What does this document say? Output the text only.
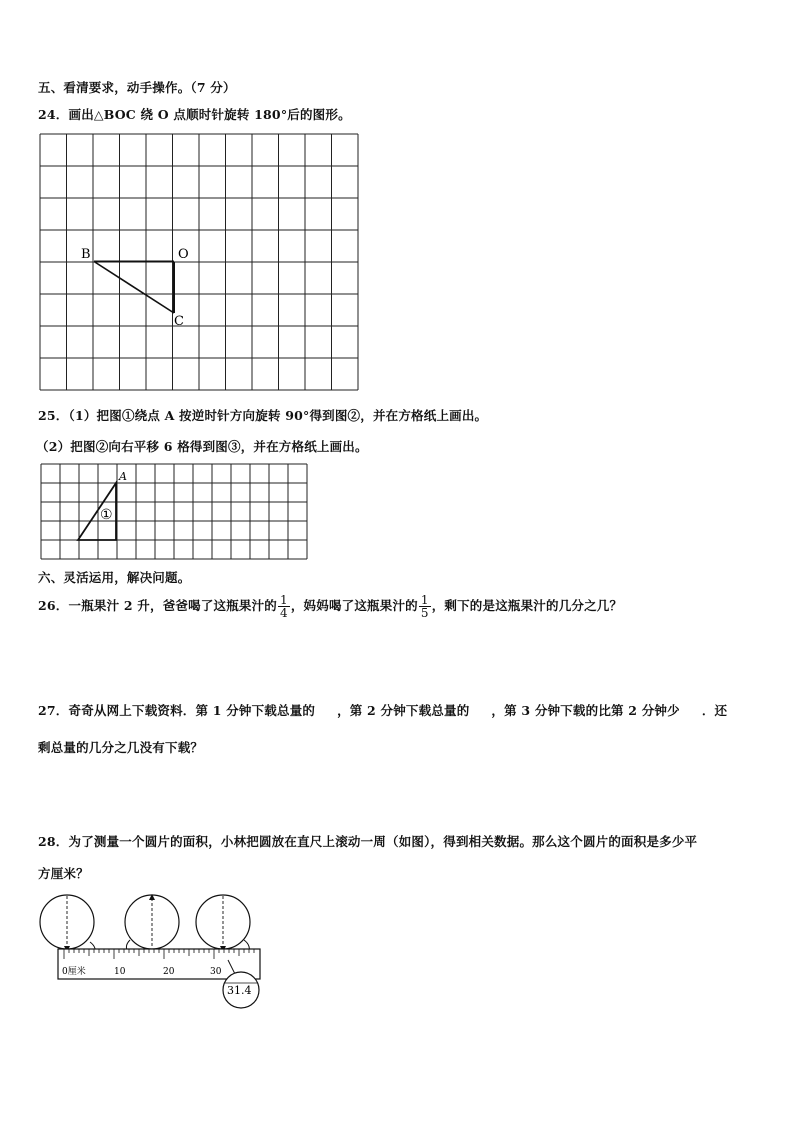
五、看清要求，动手操作。（7 分）
24．画出△BOC 绕 O 点顺时针旋转 180°后的图形。
B	O
C
25．（1）把图①绕点 A 按逆时针方向旋转 90°得到图②，并在方格纸上画出。
（2）把图②向右平移 6 格得到图③，并在方格纸上画出。
A
①
六、灵活运用，解决问题。
26．一瓶果汁 2 升，爸爸喝了这瓶果汁的 $\frac{1}{4}$ ，妈妈喝了这瓶果汁的 $\frac{1}{5}$ ，剩下的是这瓶果汁的几分之几？
27．奇奇从网上下载资料．第 1 分钟下载总量的 ，第 2 分钟下载总量的 ，第 3 分钟下载的比第 2 分钟少 ．还
剩总量的几分之几没有下载？
28．为了测量一个圆片的面积，小林把圆放在直尺上滚动一周（如图），得到相关数据。那么这个圆片的面积是多少平
方厘米？
0厘米	10	20	30
31.4
